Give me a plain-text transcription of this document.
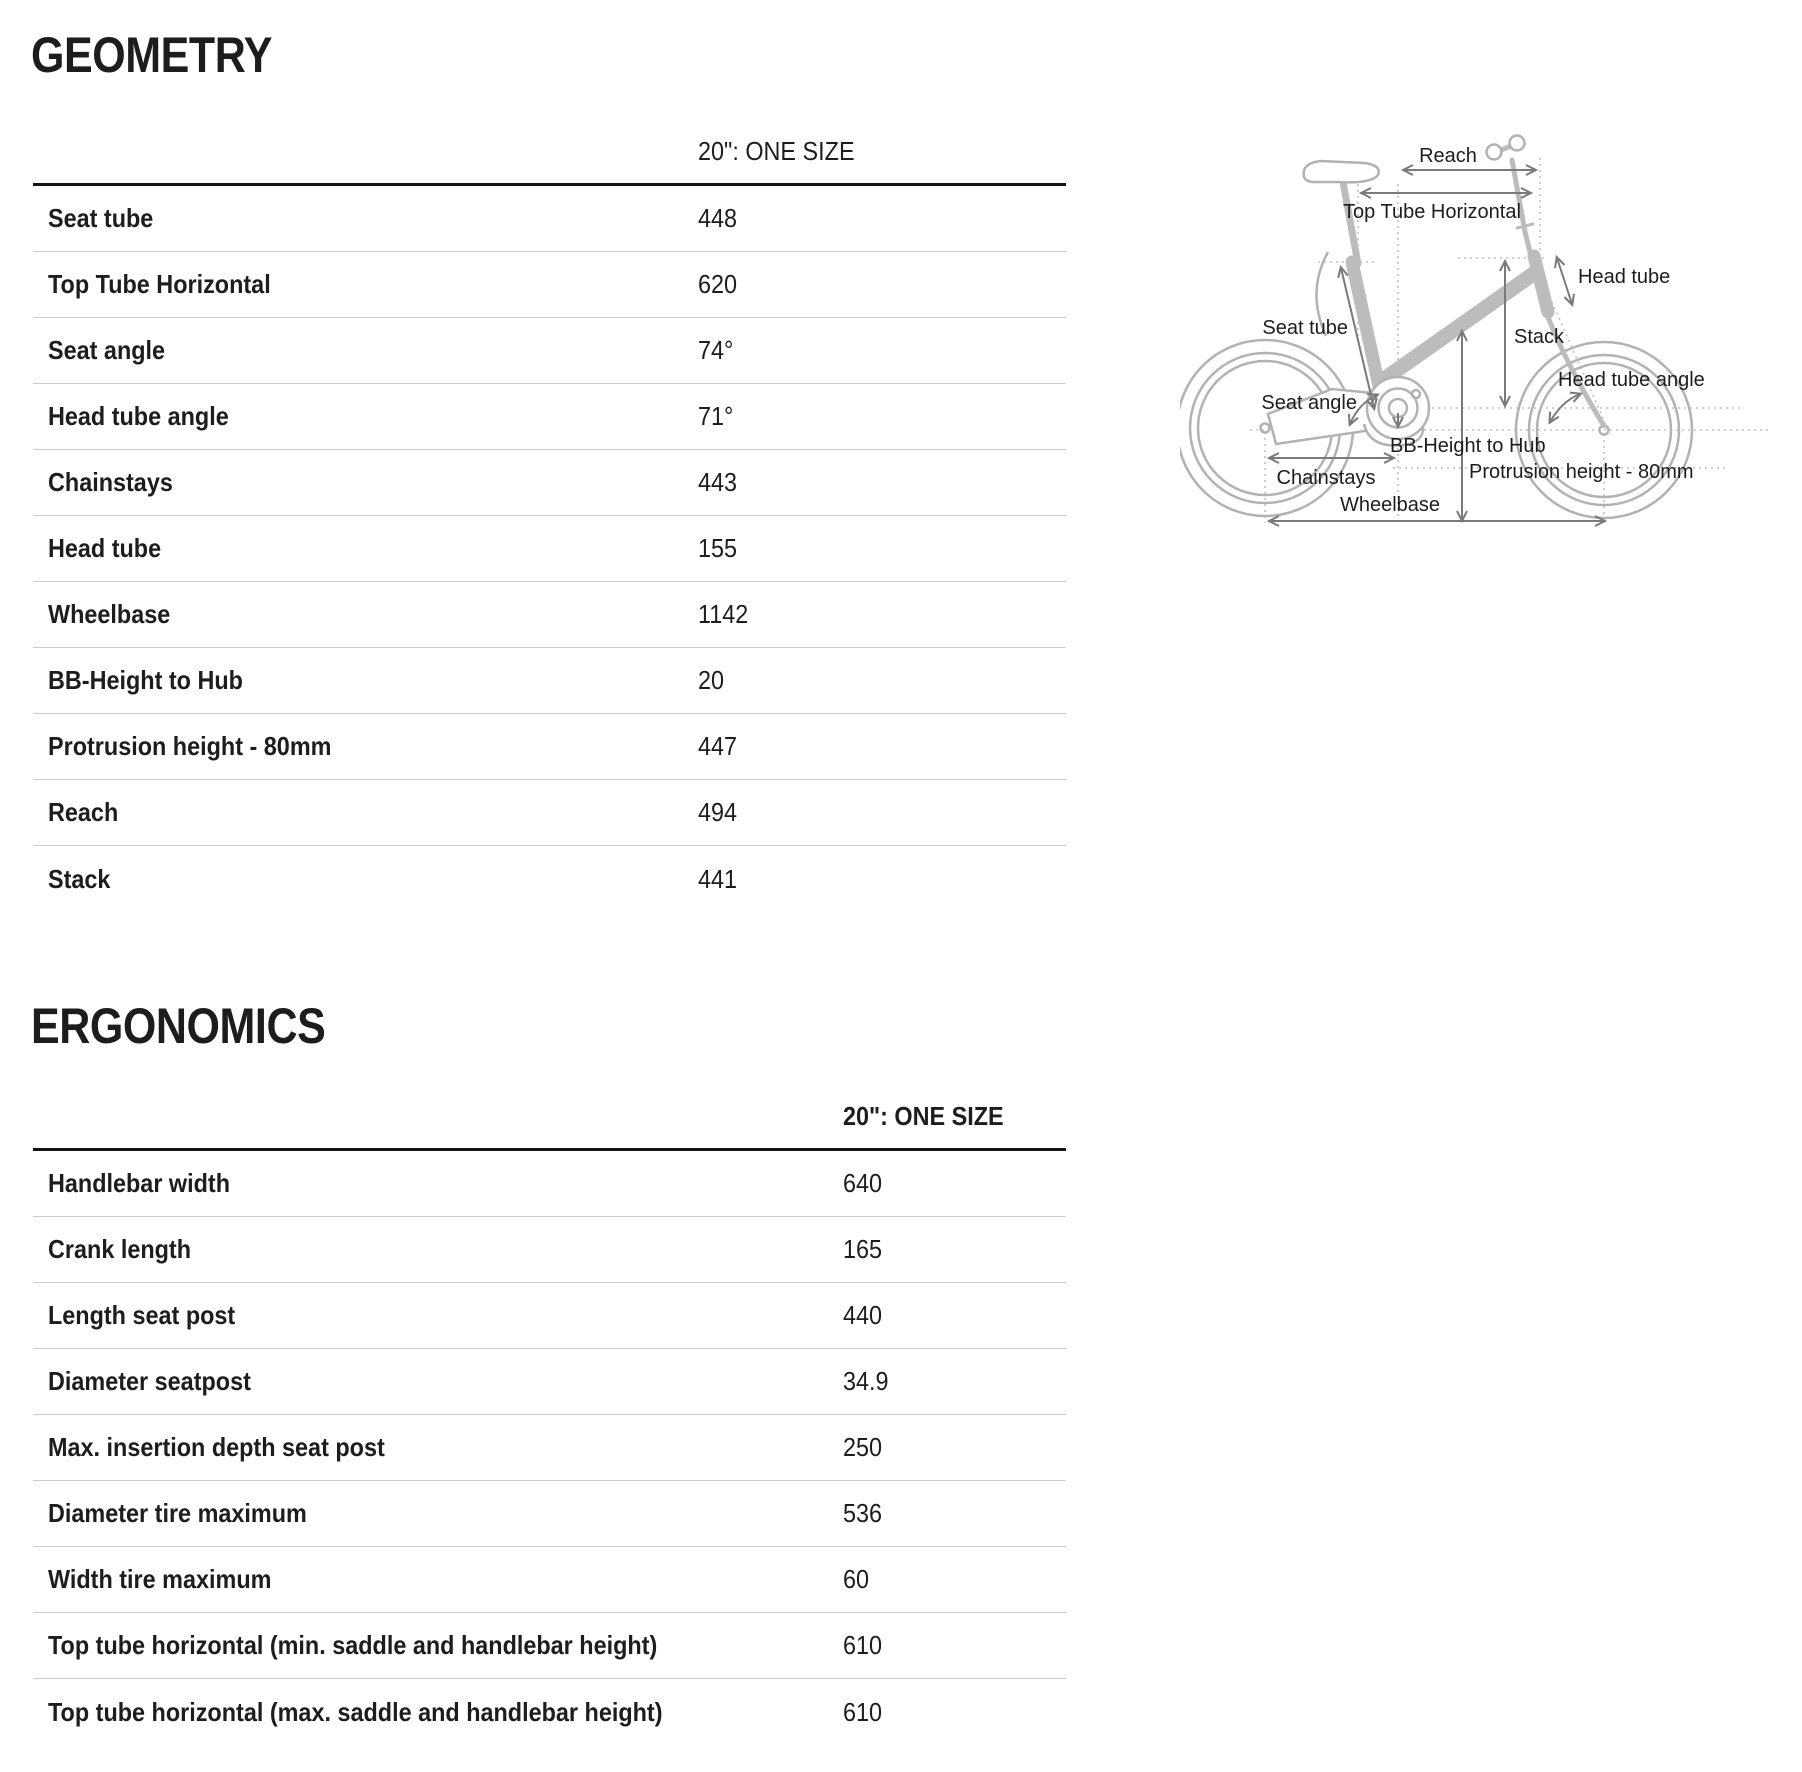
GEOMETRY
20": ONE SIZE
Seat tube	448
Top Tube Horizontal	620
Seat angle	74°
Head tube angle	71°
Chainstays	443
Head tube	155
Wheelbase	1142
BB-Height to Hub	20
Protrusion height - 80mm	447
Reach	494
Stack	441
ERGONOMICS
20": ONE SIZE
Handlebar width	640
Crank length	165
Length seat post	440
Diameter seatpost	34.9
Max. insertion depth seat post	250
Diameter tire maximum	536
Width tire maximum	60
Top tube horizontal (min. saddle and handlebar height)	610
Top tube horizontal (max. saddle and handlebar height)	610
Reach
Top Tube Horizontal
Head tube
Seat tube	Stack
Head tube angle
Seat angle
BB-Height to Hub
Chainstays	Protrusion height - 80mm
Wheelbase
